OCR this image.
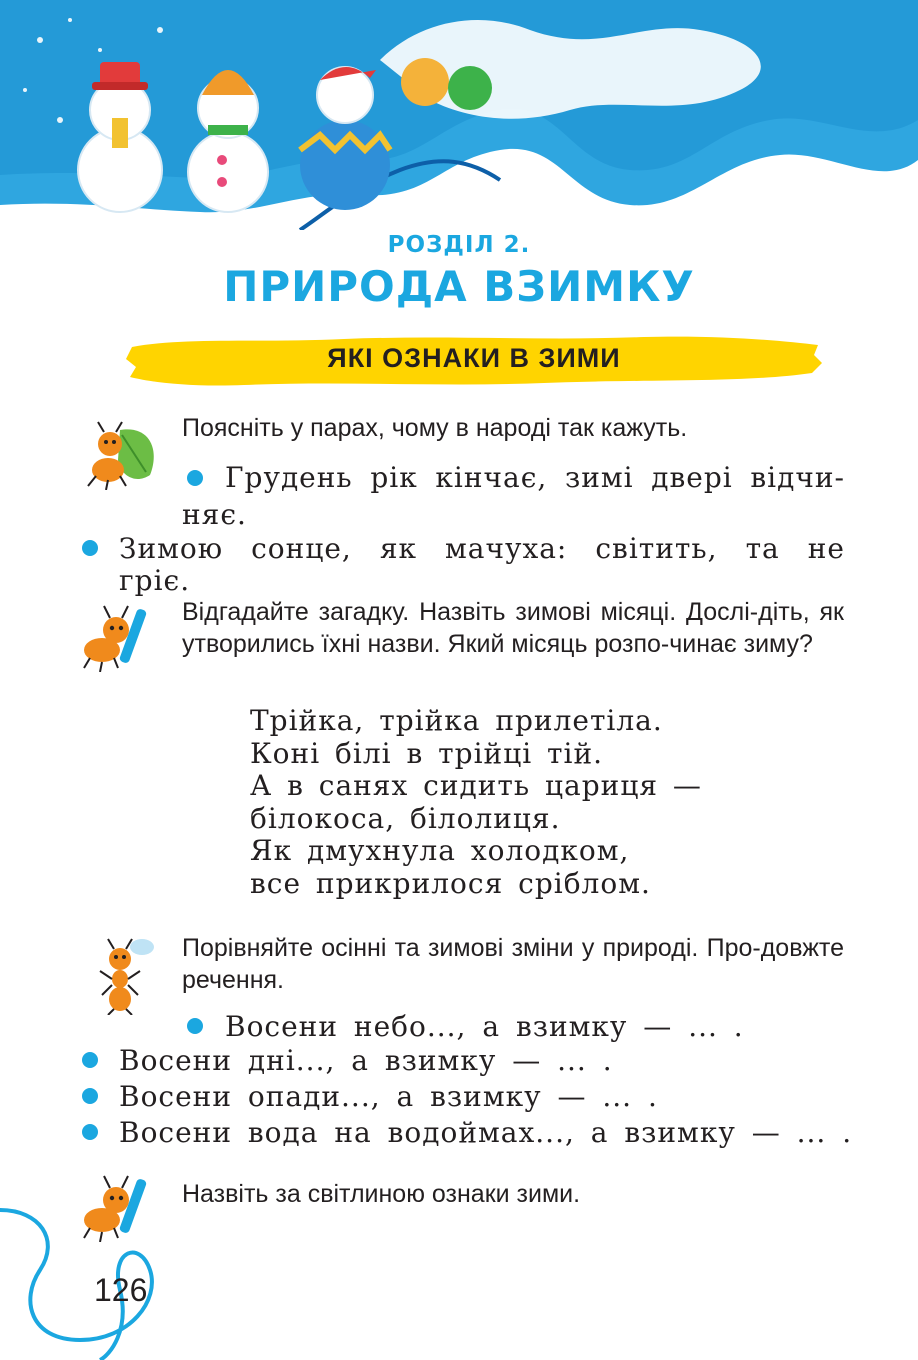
РОЗДІЛ 2.
ПРИРОДА ВЗИМКУ
ЯКІ ОЗНАКИ В ЗИМИ
Поясніть у парах, чому в народі так кажуть.
Грудень рік кінчає, зимі двері відчи-
няє.
Зимою сонце, як мачуха: світить, та не гріє.
Відгадайте загадку. Назвіть зимові місяці. Дослі-діть, як утворились їхні назви. Який місяць розпо-чинає зиму?
Трійка, трійка прилетіла.
Коні білі в трійці тій.
А в санях сидить цариця —
білокоса, білолиця.
Як дмухнула холодком,
все прикрилося сріблом.
Порівняйте осінні та зимові зміни у природі. Про-довжте речення.
Восени небо..., а взимку — ... .
Восени дні..., а взимку — ... .
Восени опади..., а взимку — ... .
Восени вода на водоймах..., а взимку — ... .
Назвіть за світлиною ознаки зими.
126
